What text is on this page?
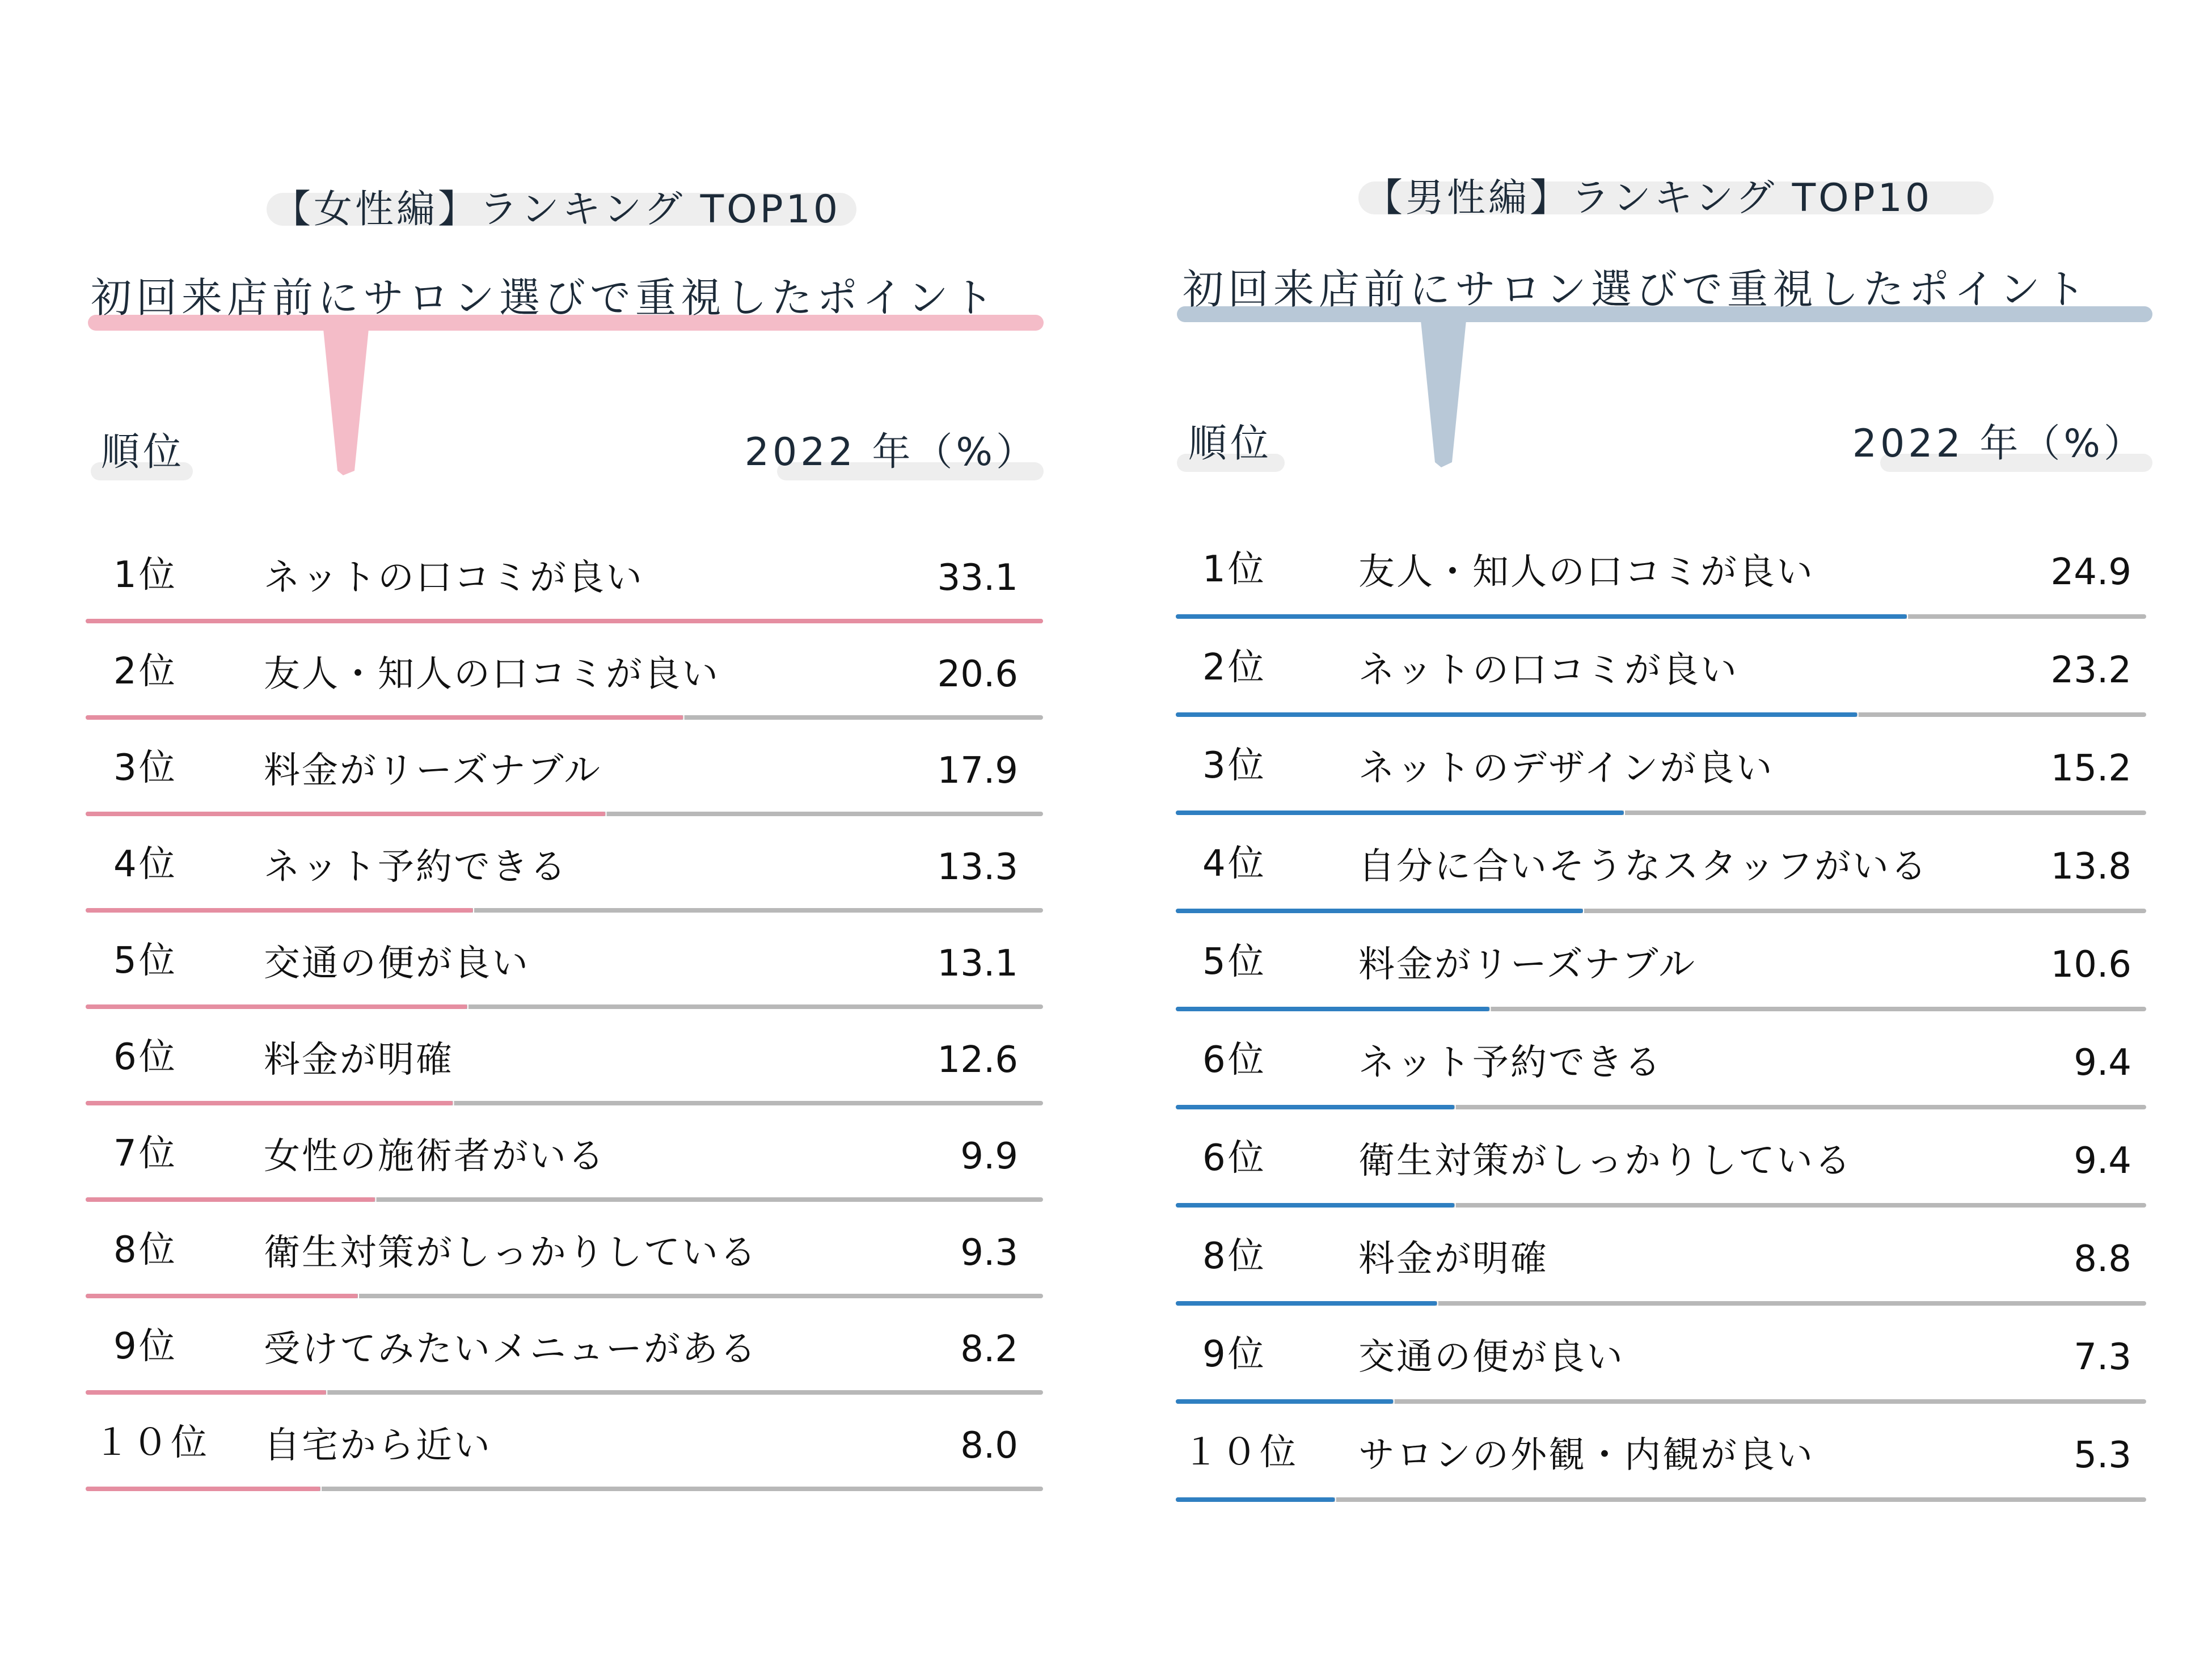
【女性編】ランキング TOP10
初回来店前にサロン選びで重視したポイント
順位	2022 年（%）
1位 ネットの口コミが良い	33.1
2位 友人・知人の口コミが良い	20.6
3位 料金がリーズナブル	17.9
4位 ネット予約できる	13.3
5位 交通の便が良い	13.1
6位 料金が明確	12.6
7位 女性の施術者がいる	9.9
8位 衛生対策がしっかりしている	9.3
9位 受けてみたいメニューがある	8.2
１０位 自宅から近い	8.0
【男性編】ランキング TOP10
初回来店前にサロン選びで重視したポイント
順位	2022 年（%）
1位	友人・知人の口コミが良い	24.9
2位	ネットの口コミが良い	23.2
3位	ネットのデザインが良い	15.2
4位	自分に合いそうなスタッフがいる	13.8
5位	料金がリーズナブル	10.6
6位	ネット予約できる	9.4
6位	衛生対策がしっかりしている	9.4
8位	料金が明確	8.8
9位	交通の便が良い	7.3
１０位 サロンの外観・内観が良い	5.3
